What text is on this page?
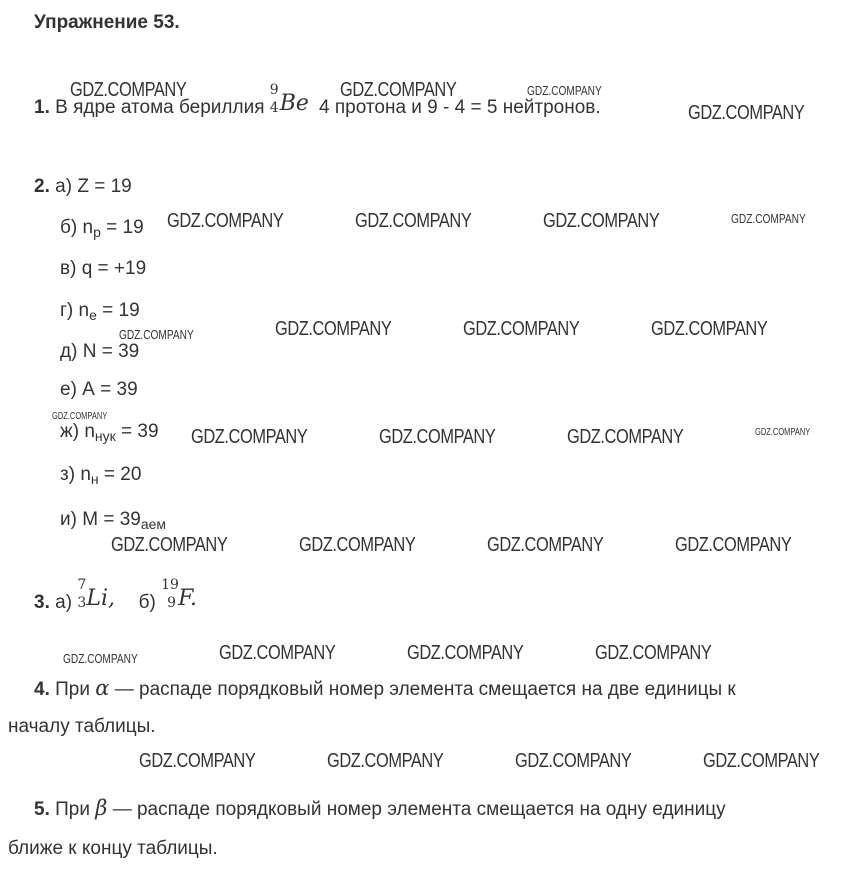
Упражнение 53.
1. В ядре атома бериллия
9
4 Be 4 протона и 9 - 4 = 5 нейтронов.
2. а) Z = 19
б) $n_p = 19$
в) q = +19
г) $n_e = 19$
д) N = 39
е) А = 39
ж) $n_{нук} = 39$
з) $n_н = 20$
и) $M = 39_{аем}$
3. а)
7
3 Li, б)
19
9 F.
4. При α — распаде порядковый номер элемента смещается на две единицы к
началу таблицы.
5. При β — распаде порядковый номер элемента смещается на одну единицу
ближе к концу таблицы.
GDZ.COMPANY	GDZ.COMPANY	GDZ.COMPANY
GDZ.COMPANY
GDZ.COMPANY	GDZ.COMPANY	GDZ.COMPANY	GDZ.COMPANY
GDZ.COMPANY	GDZ.COMPANY	GDZ.COMPANY	GDZ.COMPANY
GDZ.COMPANY
GDZ.COMPANY	GDZ.COMPANY	GDZ.COMPANY	GDZ.COMPANY
GDZ.COMPANY	GDZ.COMPANY	GDZ.COMPANY	GDZ.COMPANY
GDZ.COMPANY	GDZ.COMPANY	GDZ.COMPANY	GDZ.COMPANY
GDZ.COMPANY	GDZ.COMPANY	GDZ.COMPANY	GDZ.COMPANY
